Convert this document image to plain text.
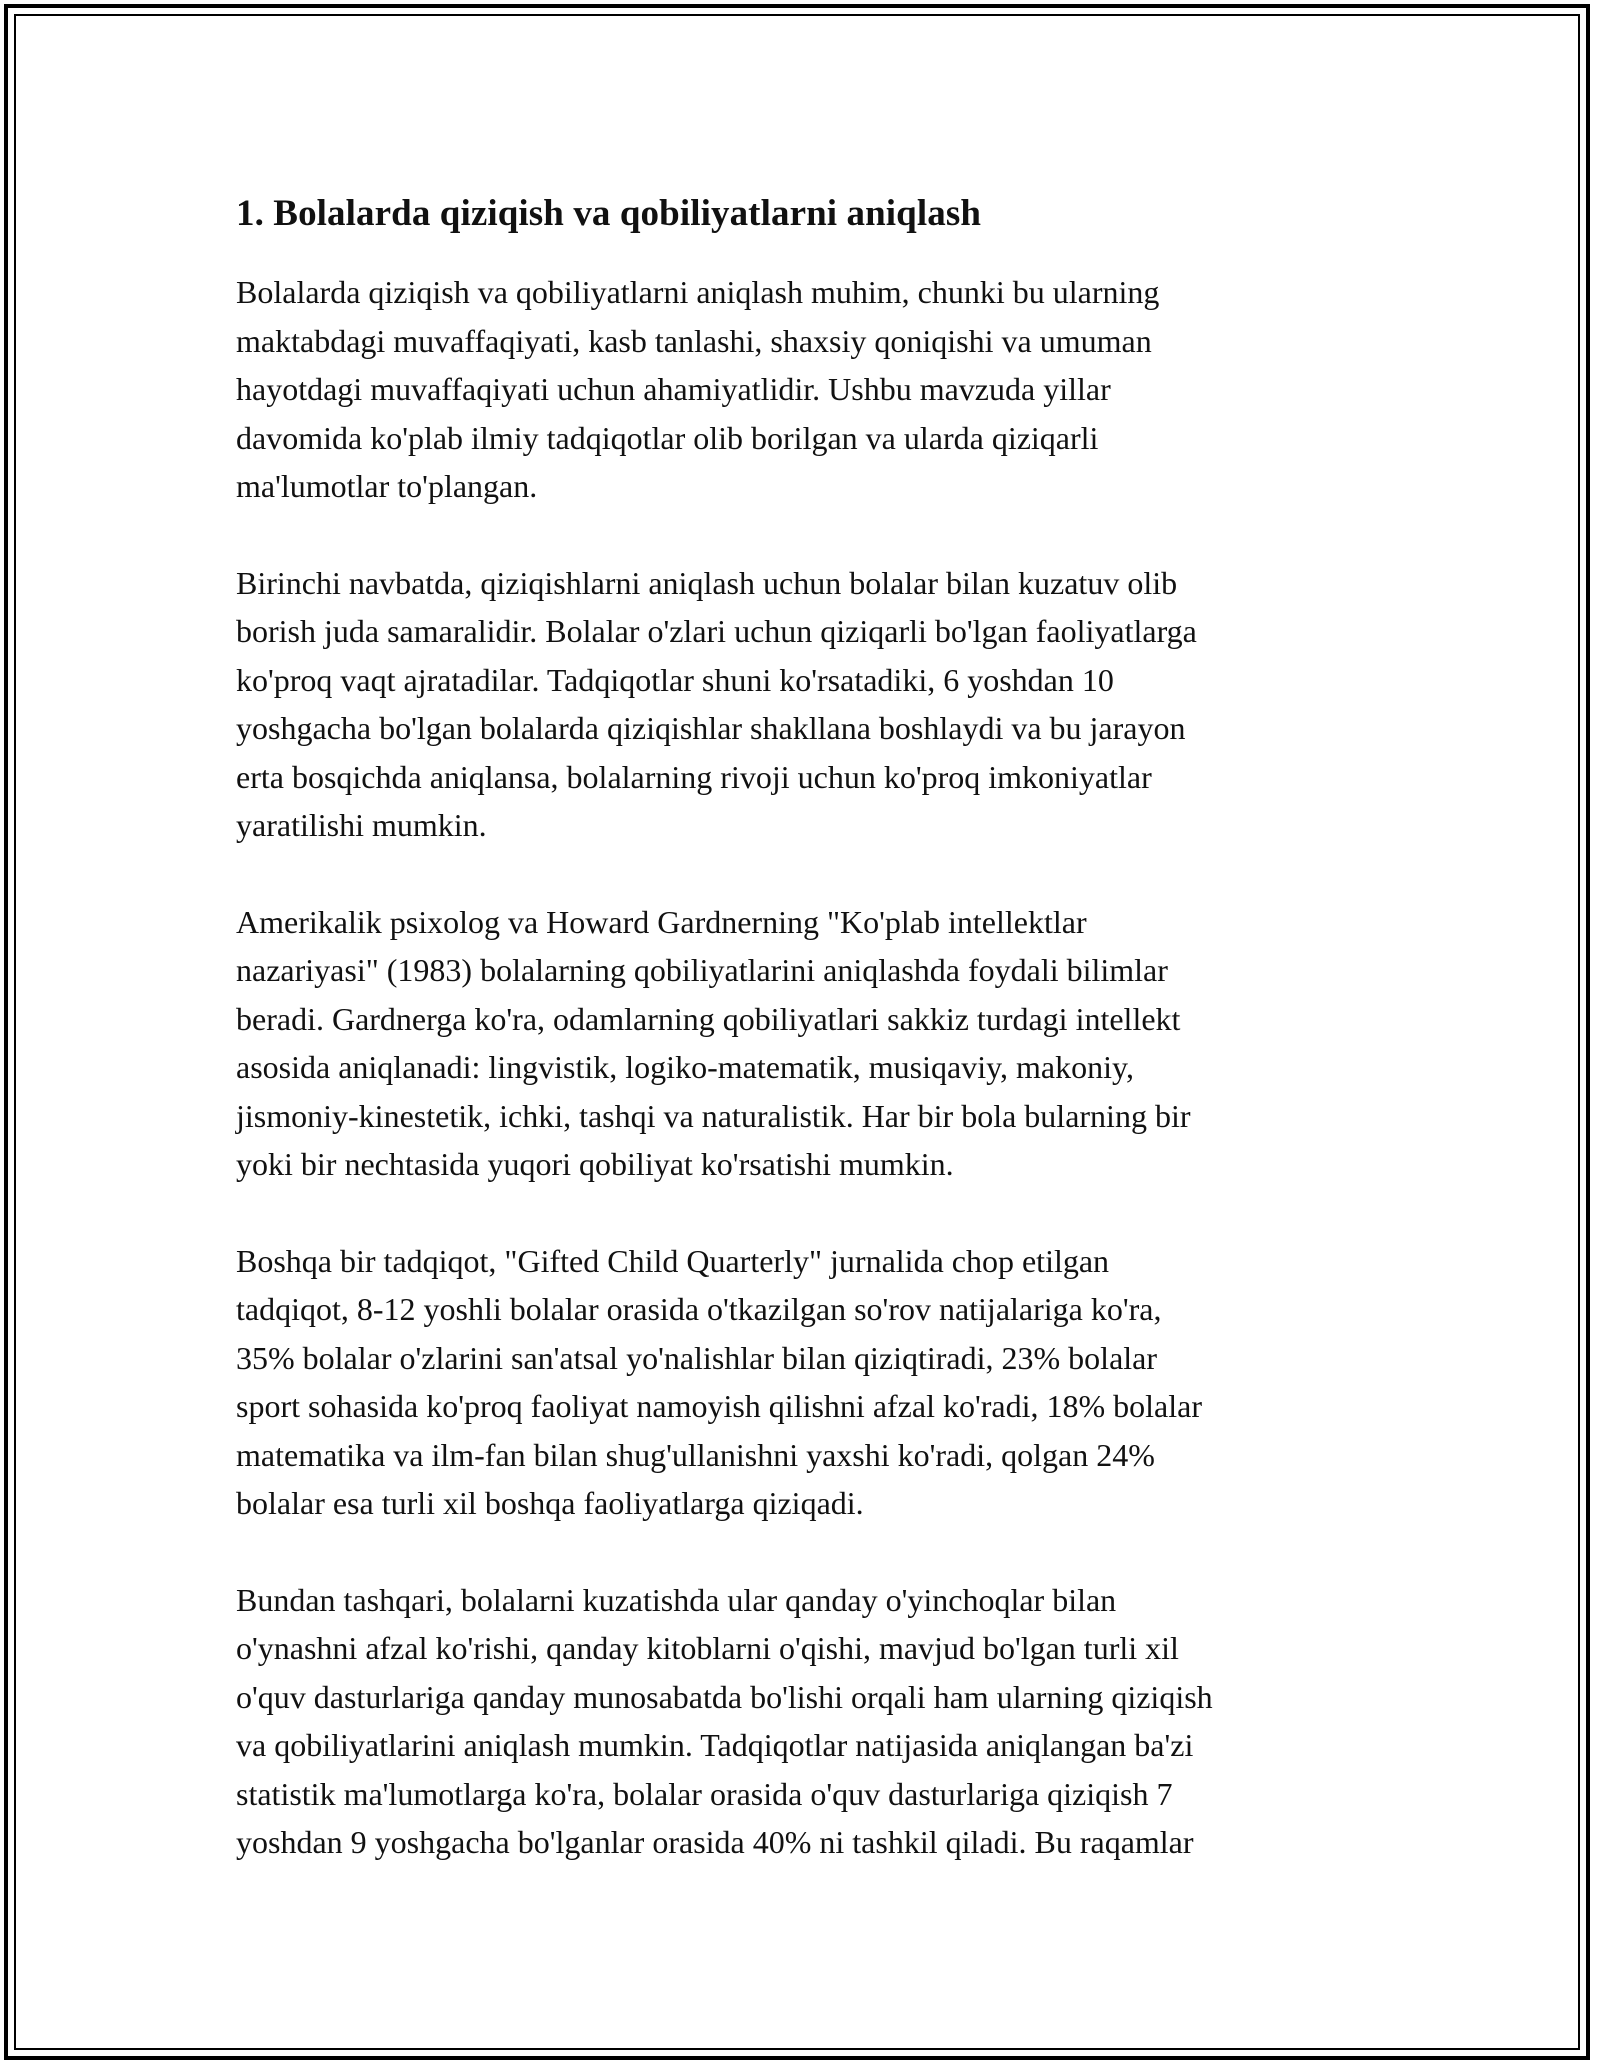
1. Bolalarda qiziqish va qobiliyatlarni aniqlash

Bolalarda qiziqish va qobiliyatlarni aniqlash muhim, chunki bu ularning
maktabdagi muvaffaqiyati, kasb tanlashi, shaxsiy qoniqishi va umuman
hayotdagi muvaffaqiyati uchun ahamiyatlidir. Ushbu mavzuda yillar
davomida ko'plab ilmiy tadqiqotlar olib borilgan va ularda qiziqarli
ma'lumotlar to'plangan.

Birinchi navbatda, qiziqishlarni aniqlash uchun bolalar bilan kuzatuv olib
borish juda samaralidir. Bolalar o'zlari uchun qiziqarli bo'lgan faoliyatlarga
ko'proq vaqt ajratadilar. Tadqiqotlar shuni ko'rsatadiki, 6 yoshdan 10
yoshgacha bo'lgan bolalarda qiziqishlar shakllana boshlaydi va bu jarayon
erta bosqichda aniqlansa, bolalarning rivoji uchun ko'proq imkoniyatlar
yaratilishi mumkin.

Amerikalik psixolog va Howard Gardnerning "Ko'plab intellektlar
nazariyasi" (1983) bolalarning qobiliyatlarini aniqlashda foydali bilimlar
beradi. Gardnerga ko'ra, odamlarning qobiliyatlari sakkiz turdagi intellekt
asosida aniqlanadi: lingvistik, logiko-matematik, musiqaviy, makoniy,
jismoniy-kinestetik, ichki, tashqi va naturalistik. Har bir bola bularning bir
yoki bir nechtasida yuqori qobiliyat ko'rsatishi mumkin.

Boshqa bir tadqiqot, "Gifted Child Quarterly" jurnalida chop etilgan
tadqiqot, 8-12 yoshli bolalar orasida o'tkazilgan so'rov natijalariga ko'ra,
35% bolalar o'zlarini san'atsal yo'nalishlar bilan qiziqtiradi, 23% bolalar
sport sohasida ko'proq faoliyat namoyish qilishni afzal ko'radi, 18% bolalar
matematika va ilm-fan bilan shug'ullanishni yaxshi ko'radi, qolgan 24%
bolalar esa turli xil boshqa faoliyatlarga qiziqadi.

Bundan tashqari, bolalarni kuzatishda ular qanday o'yinchoqlar bilan
o'ynashni afzal ko'rishi, qanday kitoblarni o'qishi, mavjud bo'lgan turli xil
o'quv dasturlariga qanday munosabatda bo'lishi orqali ham ularning qiziqish
va qobiliyatlarini aniqlash mumkin. Tadqiqotlar natijasida aniqlangan ba'zi
statistik ma'lumotlarga ko'ra, bolalar orasida o'quv dasturlariga qiziqish 7
yoshdan 9 yoshgacha bo'lganlar orasida 40% ni tashkil qiladi. Bu raqamlar
